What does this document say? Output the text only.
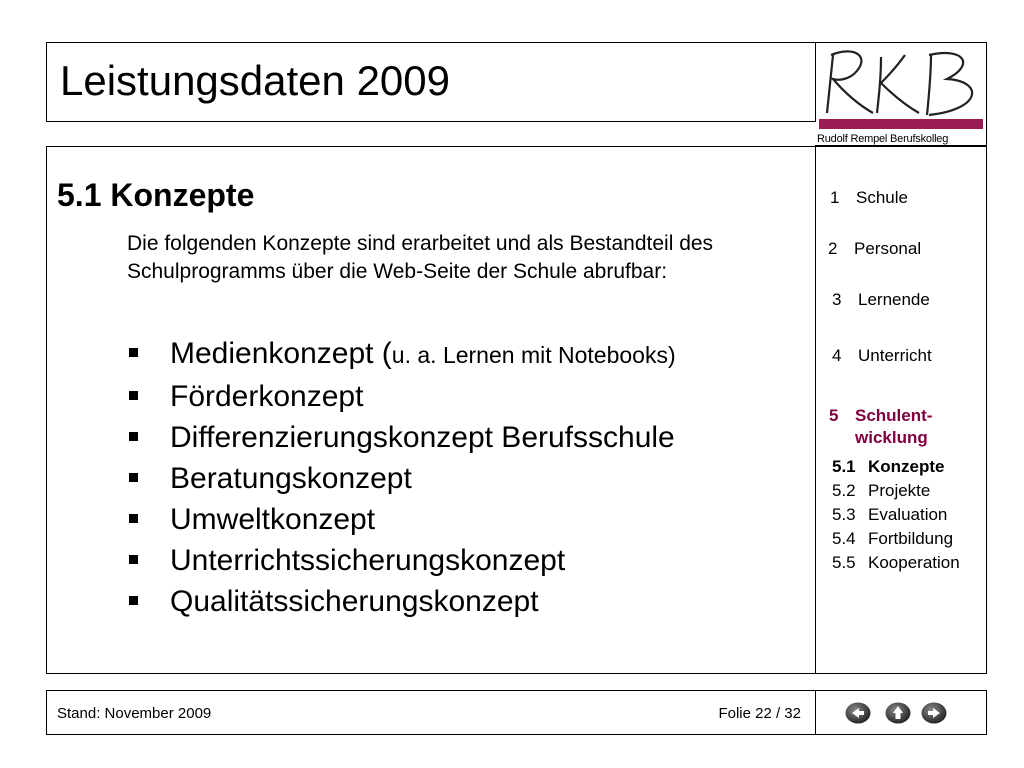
Leistungsdaten 2009
Rudolf Rempel Berufskolleg
5.1 Konzepte

Die folgenden Konzepte sind erarbeitet und als Bestandteil des Schulprogramms über die Web-Seite der Schule abrufbar:

Medienkonzept (u. a. Lernen mit Notebooks)
Förderkonzept
Differenzierungskonzept Berufsschule
Beratungskonzept
Umweltkonzept
Unterrichtssicherungskonzept
Qualitätssicherungskonzept
1 Schule
2 Personal
3 Lernende
4 Unterricht
5 Schulent-
wicklung
5.1 Konzepte
5.2 Projekte
5.3 Evaluation
5.4 Fortbildung
5.5 Kooperation
Stand: November 2009	Folie 22 / 32
